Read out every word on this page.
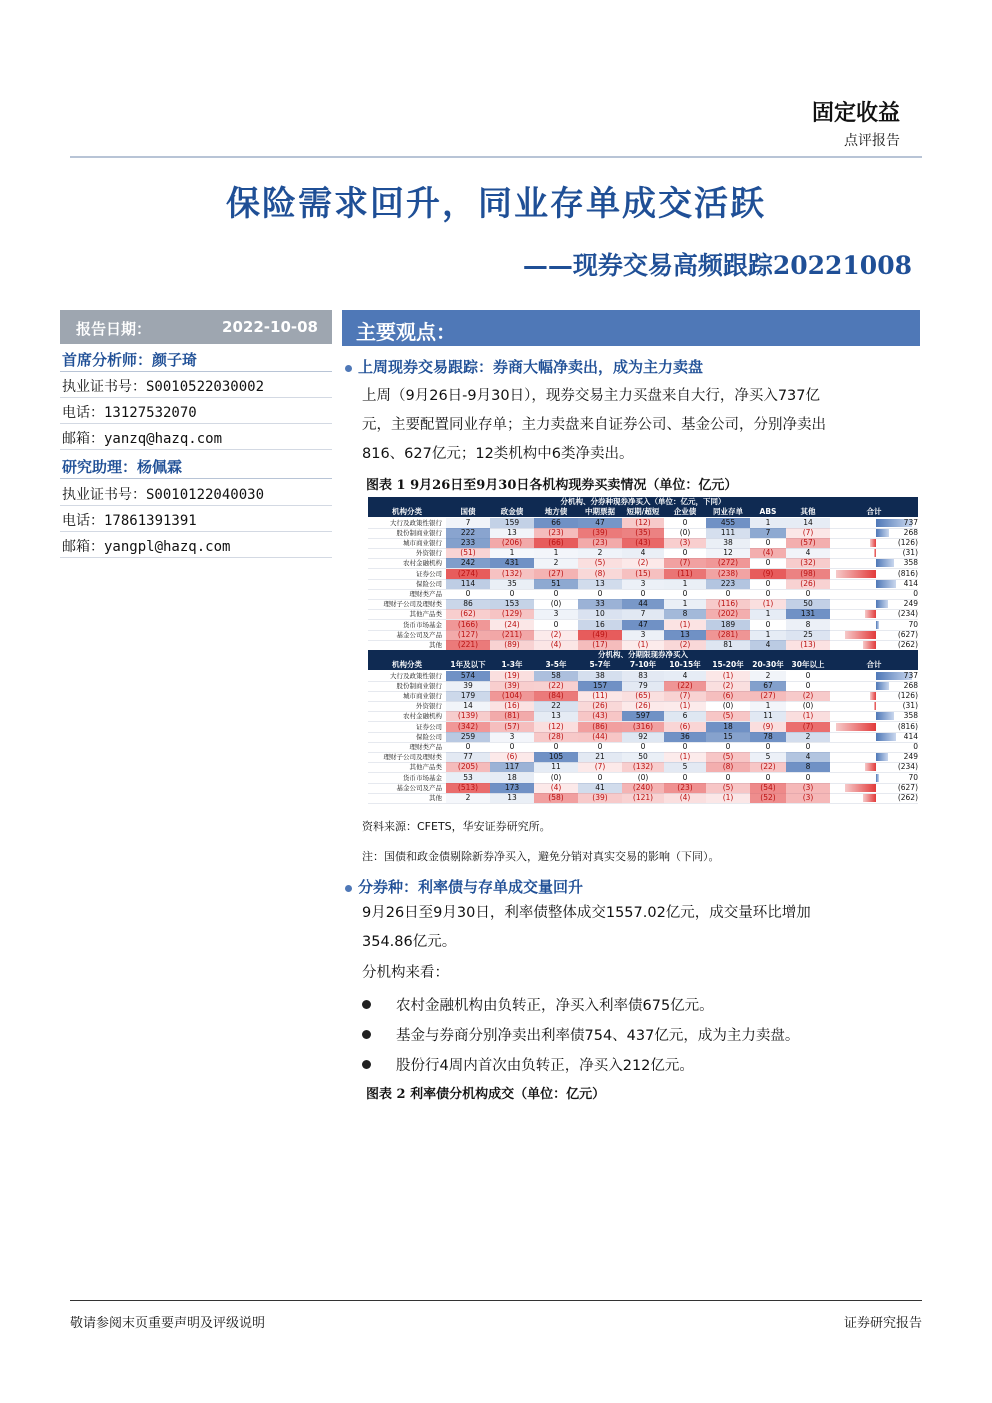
固定收益
点评报告
保险需求回升，同业存单成交活跃
——现券交易高频跟踪20221008
报告日期：	2022-10-08
首席分析师：颜子琦
执业证书号：S0010522030002
电话：13127532070
邮箱：yanzq@hazq.com
研究助理：杨佩霖
执业证书号：S0010122040030
电话：17861391391
邮箱：yangpl@hazq.com
主要观点：
上周现券交易跟踪：券商大幅净卖出，成为主力卖盘
上周（9月26日-9月30日），现券交易主力买盘来自大行，净买入737亿
元，主要配置同业存单；主力卖盘来自证券公司、基金公司，分别净卖出
816、627亿元；12类机构中6类净卖出。
图表 1 9月26日至9月30日各机构现券买卖情况（单位：亿元）
分机构、分券种现券净买入（单位：亿元，下同）
机构分类	国债	政金债	地方债	中期票据	短期/超短	企业债	同业存单	ABS	其他	合计
大行及政策性银行	7	159	66	47	(12)	0	455	1	14	737
股份制商业银行	222	13	(23)	(39)	(35)	(0)	111	7	(7)	268
城市商业银行	233	(206)	(66)	(23)	(43)	(3)	38	0	(57)	(126)
外资银行	(51)	1	1	2	4	0	12	(4)	4	(31)
农村金融机构	242	431	2	(5)	(2)	(7)	(272)	0	(32)	358
证券公司	(274)	(132)	(27)	(8)	(15)	(11)	(238)	(9)	(98)	(816)
保险公司	114	35	51	13	3	1	223	0	(26)	414
理财类产品	0	0	0	0	0	0	0	0	0	0
理财子公司及理财类	86	153	(0)	33	44	1	(116)	(1)	50	249
其他产品类	(62)	(129)	3	10	7	8	(202)	1	131	(234)
货币市场基金	(166)	(24)	0	16	47	(1)	189	0	8	70
基金公司及产品	(127)	(211)	(2)	(49)	3	13	(281)	1	25	(627)
其他	(221)	(89)	(4)	(17)	(1)	(2)	81	4	(13)	(262)
分机构、分期限现券净买入
机构分类	1年及以下	1-3年	3-5年	5-7年	7-10年	10-15年	15-20年	20-30年	30年以上	合计
大行及政策性银行	574	(19)	58	38	83	4	(1)	2	0	737
股份制商业银行	39	(39)	(22)	157	79	(22)	(2)	67	0	268
城市商业银行	179	(104)	(84)	(11)	(65)	(7)	(6)	(27)	(2)	(126)
外资银行	14	(16)	22	(26)	(26)	(1)	(0)	1	(0)	(31)
农村金融机构	(139)	(81)	13	(43)	597	6	(5)	11	(1)	358
证券公司	(342)	(57)	(12)	(86)	(316)	(6)	18	(9)	(7)	(816)
保险公司	259	3	(28)	(44)	92	36	15	78	2	414
理财类产品	0	0	0	0	0	0	0	0	0	0
理财子公司及理财类	77	(6)	105	21	50	(1)	(5)	5	4	249
其他产品类	(205)	117	11	(7)	(132)	5	(8)	(22)	8	(234)
货币市场基金	53	18	(0)	0	(0)	0	0	0	0	70
基金公司及产品	(513)	173	(4)	41	(240)	(23)	(5)	(54)	(3)	(627)
其他	2	13	(58)	(39)	(121)	(4)	(1)	(52)	(3)	(262)
资料来源：CFETS，华安证券研究所。
注：国债和政金债剔除新券净买入，避免分销对真实交易的影响（下同）。
分券种：利率债与存单成交量回升
9月26日至9月30日，利率债整体成交1557.02亿元，成交量环比增加
354.86亿元。
分机构来看：
农村金融机构由负转正，净买入利率债675亿元。
基金与券商分别净卖出利率债754、437亿元，成为主力卖盘。
股份行4周内首次由负转正，净买入212亿元。
图表 2 利率债分机构成交（单位：亿元）
敬请参阅末页重要声明及评级说明	证券研究报告
